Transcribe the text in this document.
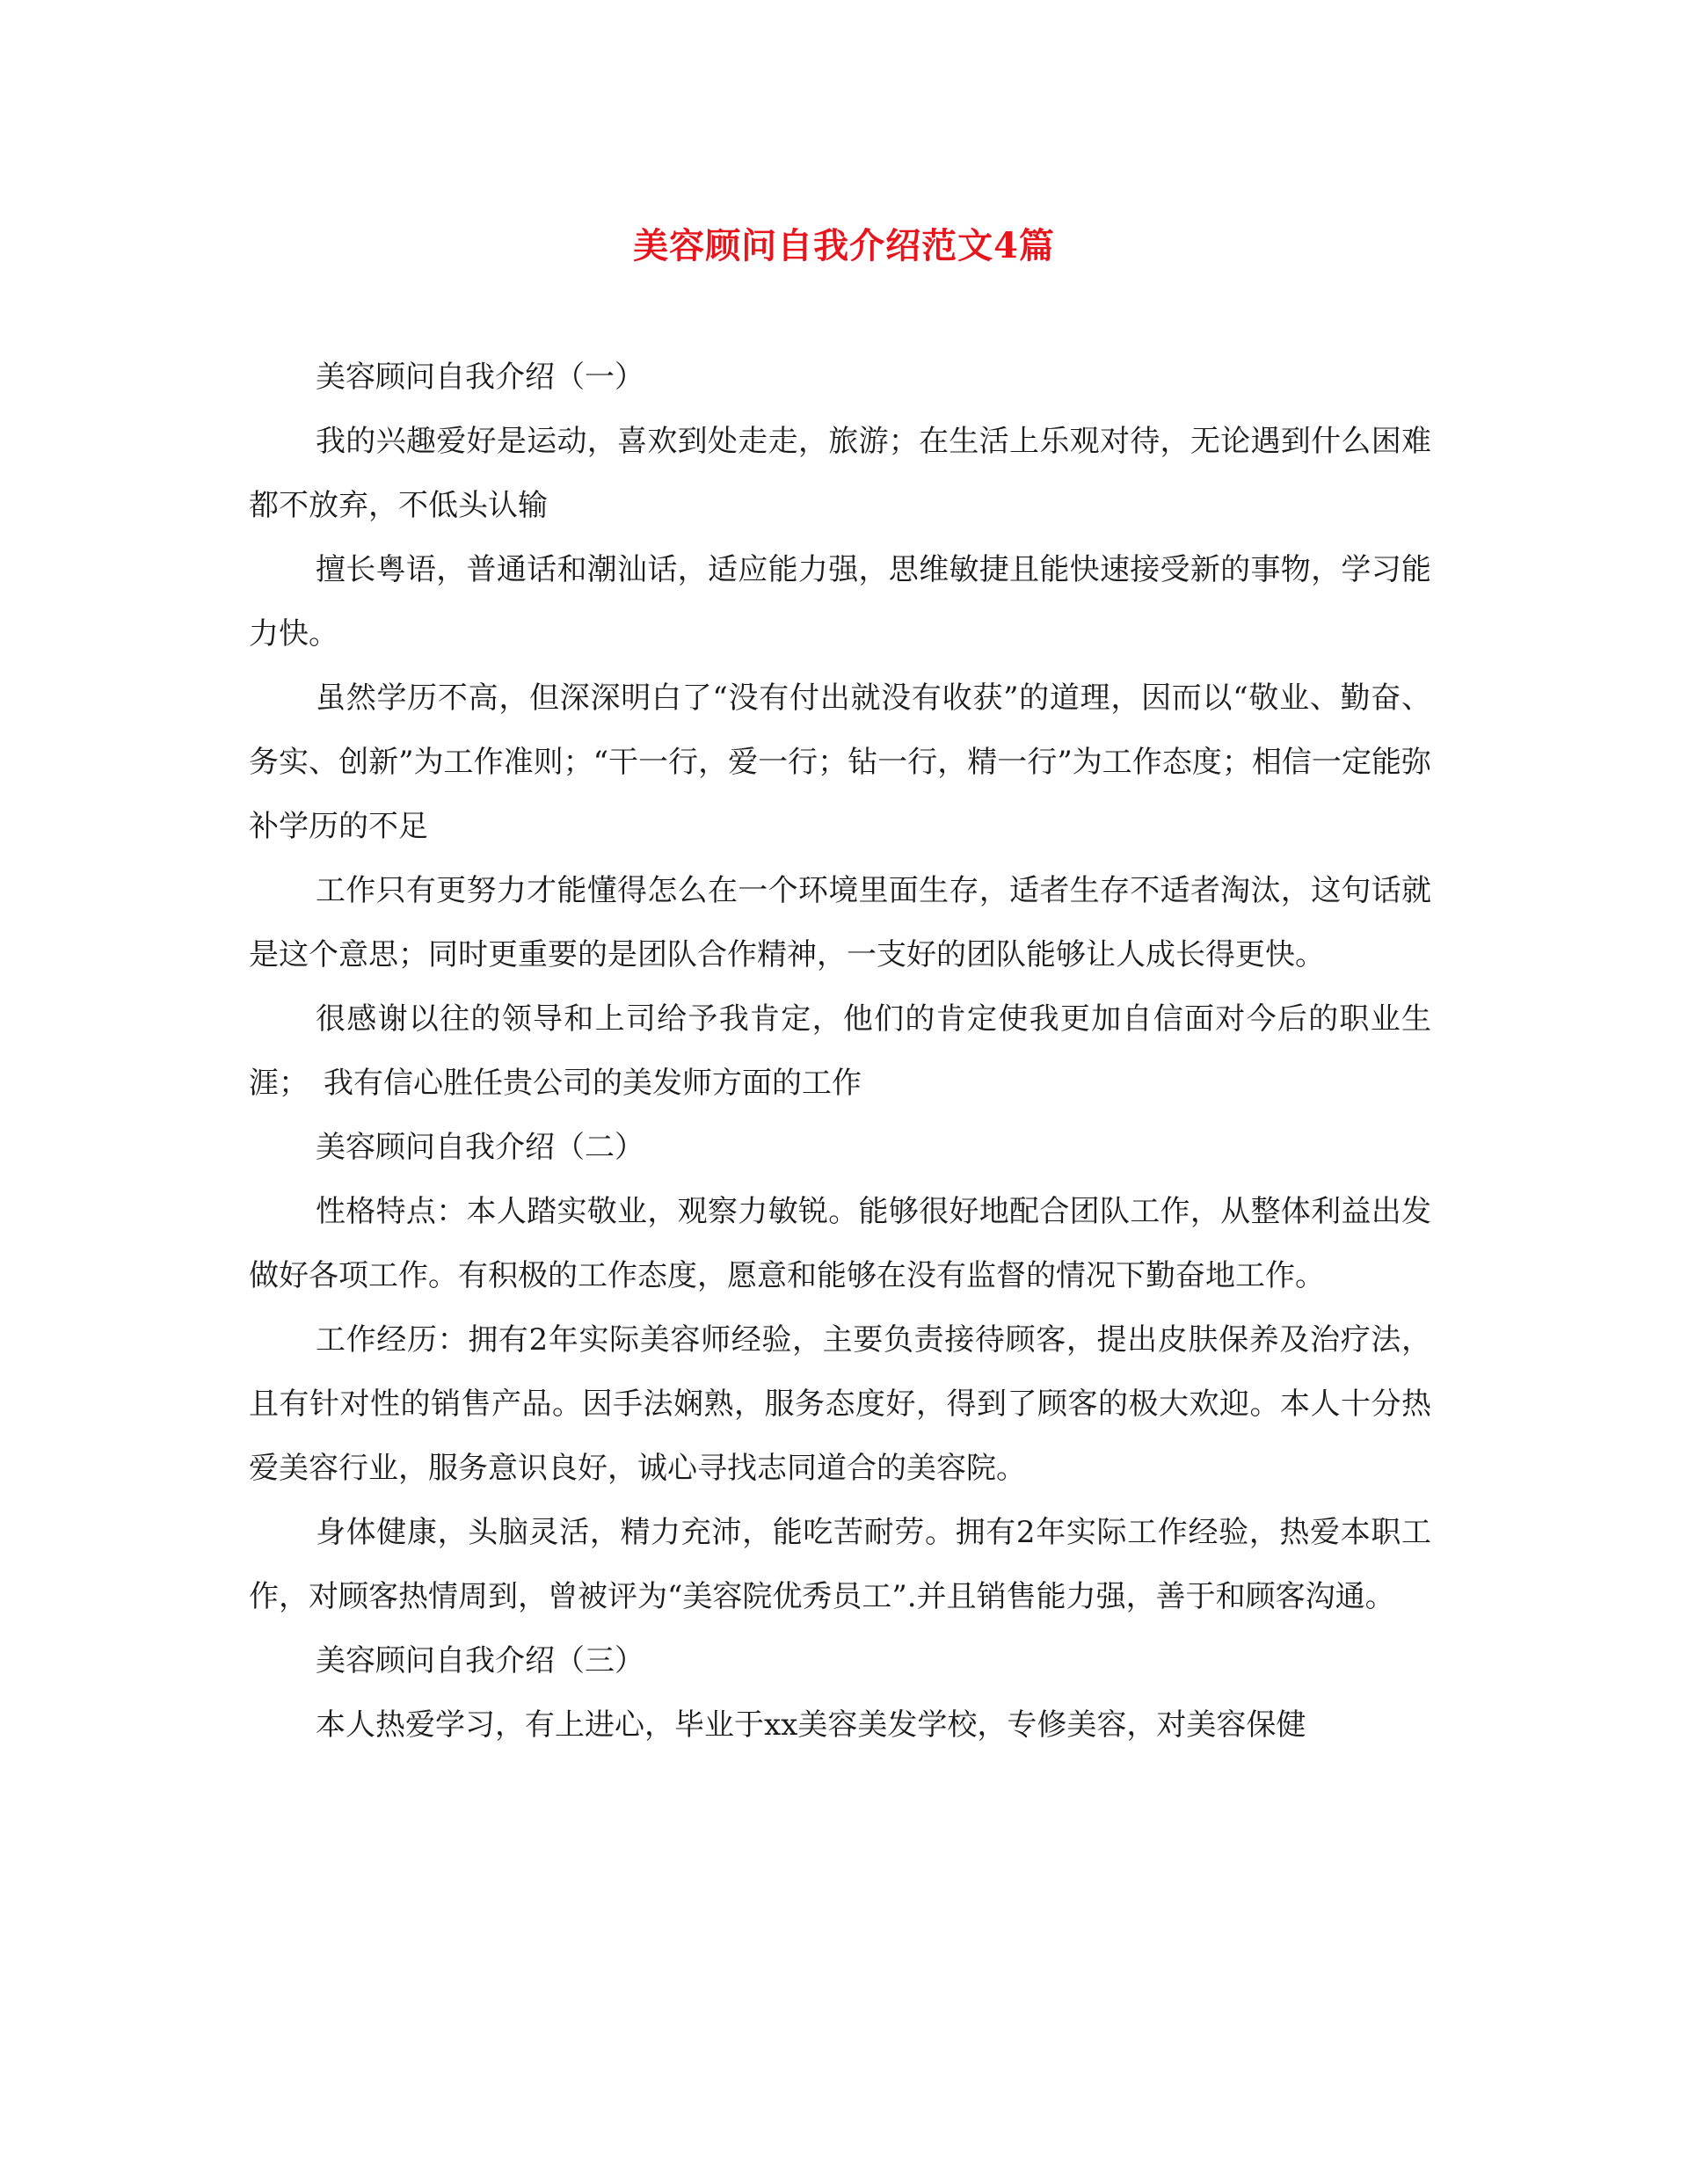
美容顾问自我介绍范文4篇

美容顾问自我介绍（一）

我的兴趣爱好是运动，喜欢到处走走，旅游；在生活上乐观对待，无论遇到什么困难都不放弃，不低头认输

擅长粤语，普通话和潮汕话，适应能力强，思维敏捷且能快速接受新的事物，学习能力快。

虽然学历不高，但深深明白了“没有付出就没有收获”的道理，因而以“敬业、勤奋、务实、创新”为工作准则；“干一行，爱一行；钻一行，精一行”为工作态度；相信一定能弥补学历的不足

工作只有更努力才能懂得怎么在一个环境里面生存，适者生存不适者淘汰，这句话就是这个意思；同时更重要的是团队合作精神，一支好的团队能够让人成长得更快。

很感谢以往的领导和上司给予我肯定，他们的肯定使我更加自信面对今后的职业生涯；　我有信心胜任贵公司的美发师方面的工作

美容顾问自我介绍（二）

性格特点：本人踏实敬业，观察力敏锐。能够很好地配合团队工作，从整体利益出发做好各项工作。有积极的工作态度，愿意和能够在没有监督的情况下勤奋地工作。

工作经历：拥有2年实际美容师经验，主要负责接待顾客，提出皮肤保养及治疗法，且有针对性的销售产品。因手法娴熟，服务态度好，得到了顾客的极大欢迎。本人十分热爱美容行业，服务意识良好，诚心寻找志同道合的美容院。

身体健康，头脑灵活，精力充沛，能吃苦耐劳。拥有2年实际工作经验，热爱本职工作，对顾客热情周到，曾被评为“美容院优秀员工”.并且销售能力强，善于和顾客沟通。

美容顾问自我介绍（三）

本人热爱学习，有上进心，毕业于xx美容美发学校，专修美容，对美容保健
